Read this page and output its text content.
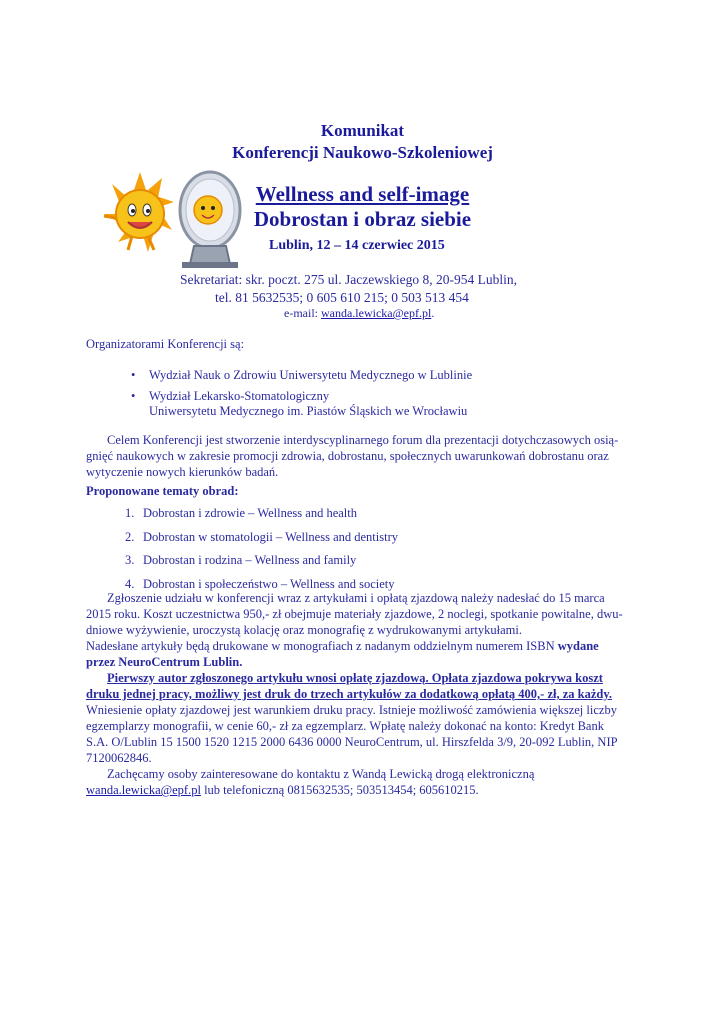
Komunikat
Konferencji Naukowo-Szkoleniowej
Wellness and self-image
Dobrostan i obraz siebie
Lublin, 12 – 14 czerwiec 2015
Sekretariat: skr. poczt. 275 ul. Jaczewskiego 8, 20-954 Lublin,
tel. 81 5632535; 0 605 610 215; 0 503 513 454
e-mail: wanda.lewicka@epf.pl.
Organizatorami Konferencji są:
• Wydział Nauk o Zdrowiu Uniwersytetu Medycznego w Lublinie
• Wydział Lekarsko-Stomatologiczny
Uniwersytetu Medycznego im. Piastów Śląskich we Wrocławiu
Celem Konferencji jest stworzenie interdyscyplinarnego forum dla prezentacji dotychczasowych osią-
gnięć naukowych w zakresie promocji zdrowia, dobrostanu, społecznych uwarunkowań dobrostanu oraz
wytyczenie nowych kierunków badań.
Proponowane tematy obrad:
1. Dobrostan i zdrowie – Wellness and health
2. Dobrostan w stomatologii – Wellness and dentistry
3. Dobrostan i rodzina – Wellness and family
4. Dobrostan i społeczeństwo – Wellness and society
Zgłoszenie udziału w konferencji wraz z artykułami i opłatą zjazdową należy nadesłać do 15 marca
2015 roku. Koszt uczestnictwa 950,- zł obejmuje materiały zjazdowe, 2 noclegi, spotkanie powitalne, dwu-
dniowe wyżywienie, uroczystą kolację oraz monografię z wydrukowanymi artykułami.
Nadesłane artykuły będą drukowane w monografiach z nadanym oddzielnym numerem ISBN wydane
przez NeuroCentrum Lublin.
Pierwszy autor zgłoszonego artykułu wnosi opłatę zjazdową. Opłata zjazdowa pokrywa koszt
druku jednej pracy, możliwy jest druk do trzech artykułów za dodatkową opłatą 400,- zł, za każdy.
Wniesienie opłaty zjazdowej jest warunkiem druku pracy. Istnieje możliwość zamówienia większej liczby
egzemplarzy monografii, w cenie 60,- zł za egzemplarz. Wpłatę należy dokonać na konto: Kredyt Bank
S.A. O/Lublin 15 1500 1520 1215 2000 6436 0000 NeuroCentrum, ul. Hirszfelda 3/9, 20-092 Lublin, NIP
7120062846.
Zachęcamy osoby zainteresowane do kontaktu z Wandą Lewicką drogą elektroniczną
wanda.lewicka@epf.pl lub telefoniczną 0815632535; 503513454; 605610215.
